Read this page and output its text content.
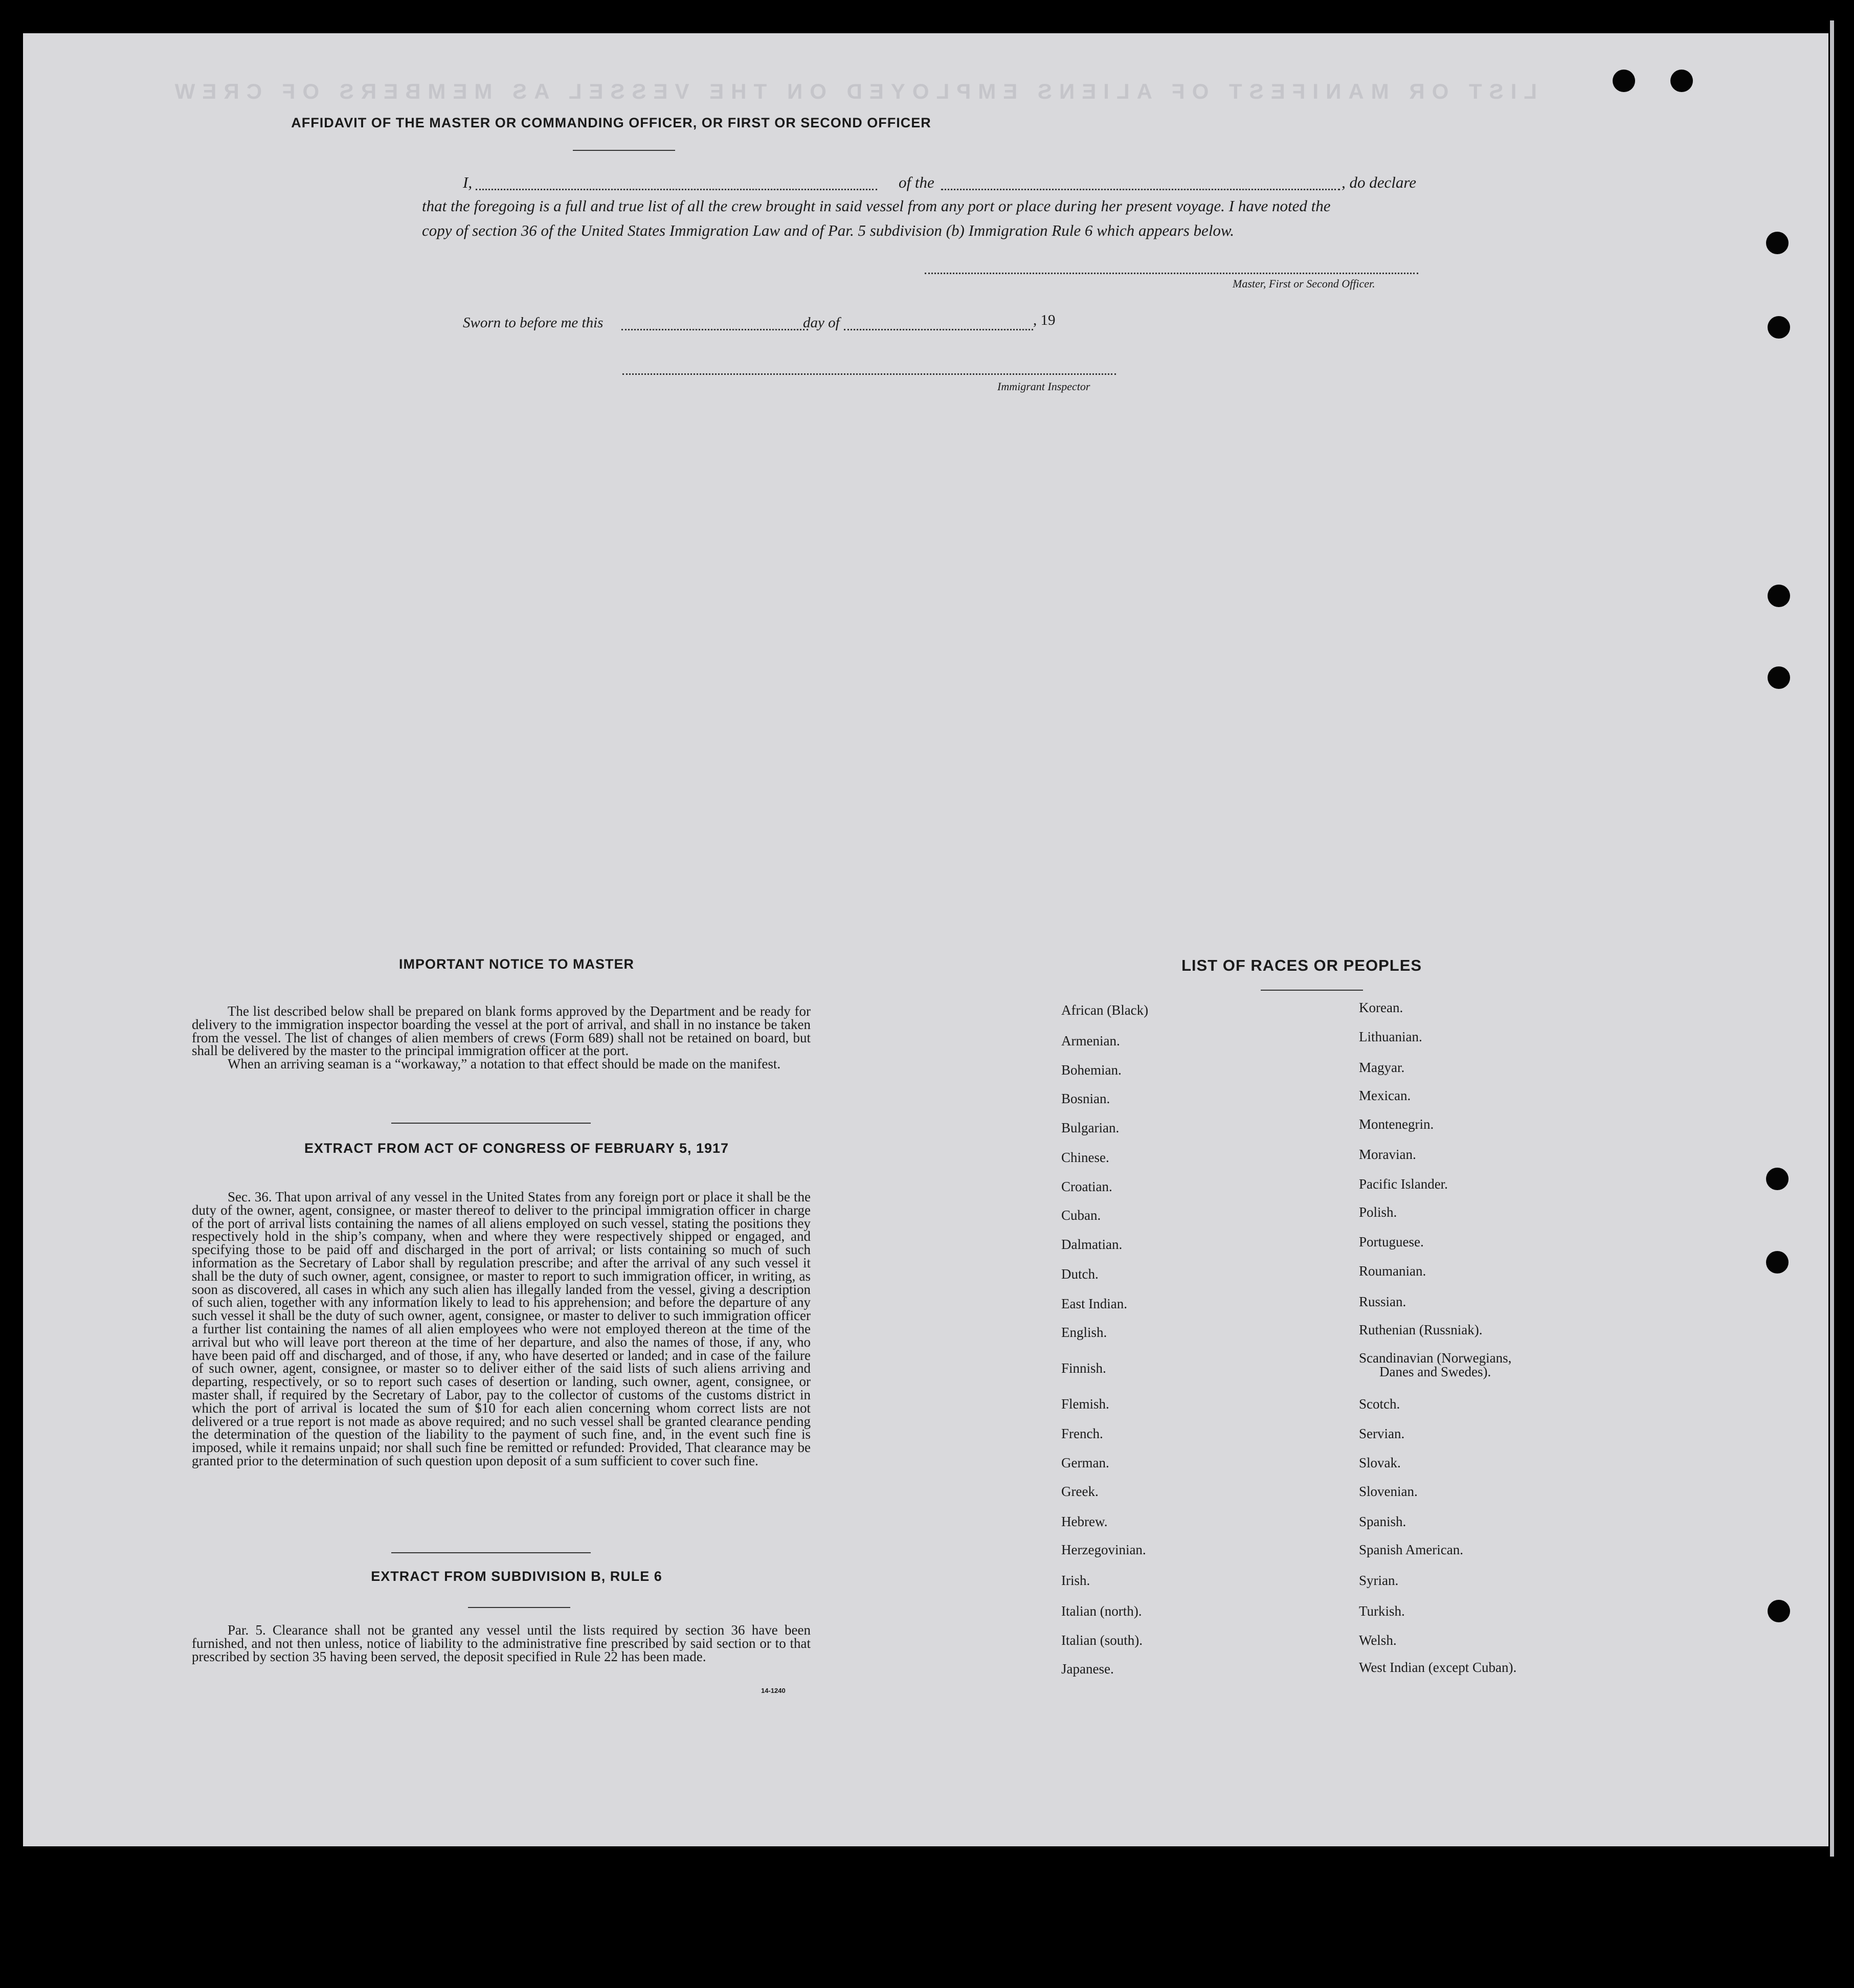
LIST OR MANIFEST OF ALIENS EMPLOYED ON THE VESSEL AS MEMBERS OF CREW
AFFIDAVIT OF THE MASTER OR COMMANDING OFFICER, OR FIRST OR SECOND OFFICER
I,	of the	, do declare
that the foregoing is a full and true list of all the crew brought in said vessel from any port or place during her present voyage. I have noted the
copy of section 36 of the United States Immigration Law and of Par. 5 subdivision (b) Immigration Rule 6 which appears below.
Master, First or Second Officer.
Sworn to before me this	day of	, 19
Immigrant Inspector
IMPORTANT NOTICE TO MASTER

The list described below shall be prepared on blank forms approved by the Department and be ready for delivery to the immigration inspector boarding the vessel at the port of arrival, and shall in no instance be taken from the vessel. The list of changes of alien members of crews (Form 689) shall not be retained on board, but shall be delivered by the master to the principal immigration officer at the port.

When an arriving seaman is a “workaway,” a notation to that effect should be made on the manifest.

EXTRACT FROM ACT OF CONGRESS OF FEBRUARY 5, 1917

Sec. 36. That upon arrival of any vessel in the United States from any foreign port or place it shall be the duty of the owner, agent, consignee, or master thereof to deliver to the principal immigration officer in charge of the port of arrival lists containing the names of all aliens employed on such vessel, stating the positions they respectively hold in the ship’s company, when and where they were respectively shipped or engaged, and specifying those to be paid off and discharged in the port of arrival; or lists containing so much of such information as the Secretary of Labor shall by regulation prescribe; and after the arrival of any such vessel it shall be the duty of such owner, agent, consignee, or master to report to such immigration officer, in writing, as soon as discovered, all cases in which any such alien has illegally landed from the vessel, giving a description of such alien, together with any information likely to lead to his apprehension; and before the departure of any such vessel it shall be the duty of such owner, agent, consignee, or master to deliver to such immigration officer a further list containing the names of all alien employees who were not employed thereon at the time of the arrival but who will leave port thereon at the time of her departure, and also the names of those, if any, who have been paid off and discharged, and of those, if any, who have deserted or landed; and in case of the failure of such owner, agent, consignee, or master so to deliver either of the said lists of such aliens arriving and departing, respectively, or so to report such cases of desertion or landing, such owner, agent, consignee, or master shall, if required by the Secretary of Labor, pay to the collector of customs of the customs district in which the port of arrival is located the sum of $10 for each alien concerning whom correct lists are not delivered or a true report is not made as above required; and no such vessel shall be granted clearance pending the determination of the question of the liability to the payment of such fine, and, in the event such fine is imposed, while it remains unpaid; nor shall such fine be remitted or refunded: Provided, That clearance may be granted prior to the determination of such question upon deposit of a sum sufficient to cover such fine.

EXTRACT FROM SUBDIVISION B, RULE 6

Par. 5. Clearance shall not be granted any vessel until the lists required by section 36 have been furnished, and not then unless, notice of liability to the administrative fine prescribed by said section or to that prescribed by section 35 having been served, the deposit specified in Rule 22 has been made.

14-1240
LIST OF RACES OR PEOPLES
African (Black)
Armenian.
Bohemian.
Bosnian.
Bulgarian.
Chinese.
Croatian.
Cuban.
Dalmatian.
Dutch.
East Indian.
English.
Finnish.
Flemish.
French.
German.
Greek.
Hebrew.
Herzegovinian.
Irish.
Italian (north).
Italian (south).
Japanese.
Korean.
Lithuanian.
Magyar.
Mexican.
Montenegrin.
Moravian.
Pacific Islander.
Polish.
Portuguese.
Roumanian.
Russian.
Ruthenian (Russniak).
Scandinavian (Norwegians,
Danes and Swedes).
Scotch.
Servian.
Slovak.
Slovenian.
Spanish.
Spanish American.
Syrian.
Turkish.
Welsh.
West Indian (except Cuban).
